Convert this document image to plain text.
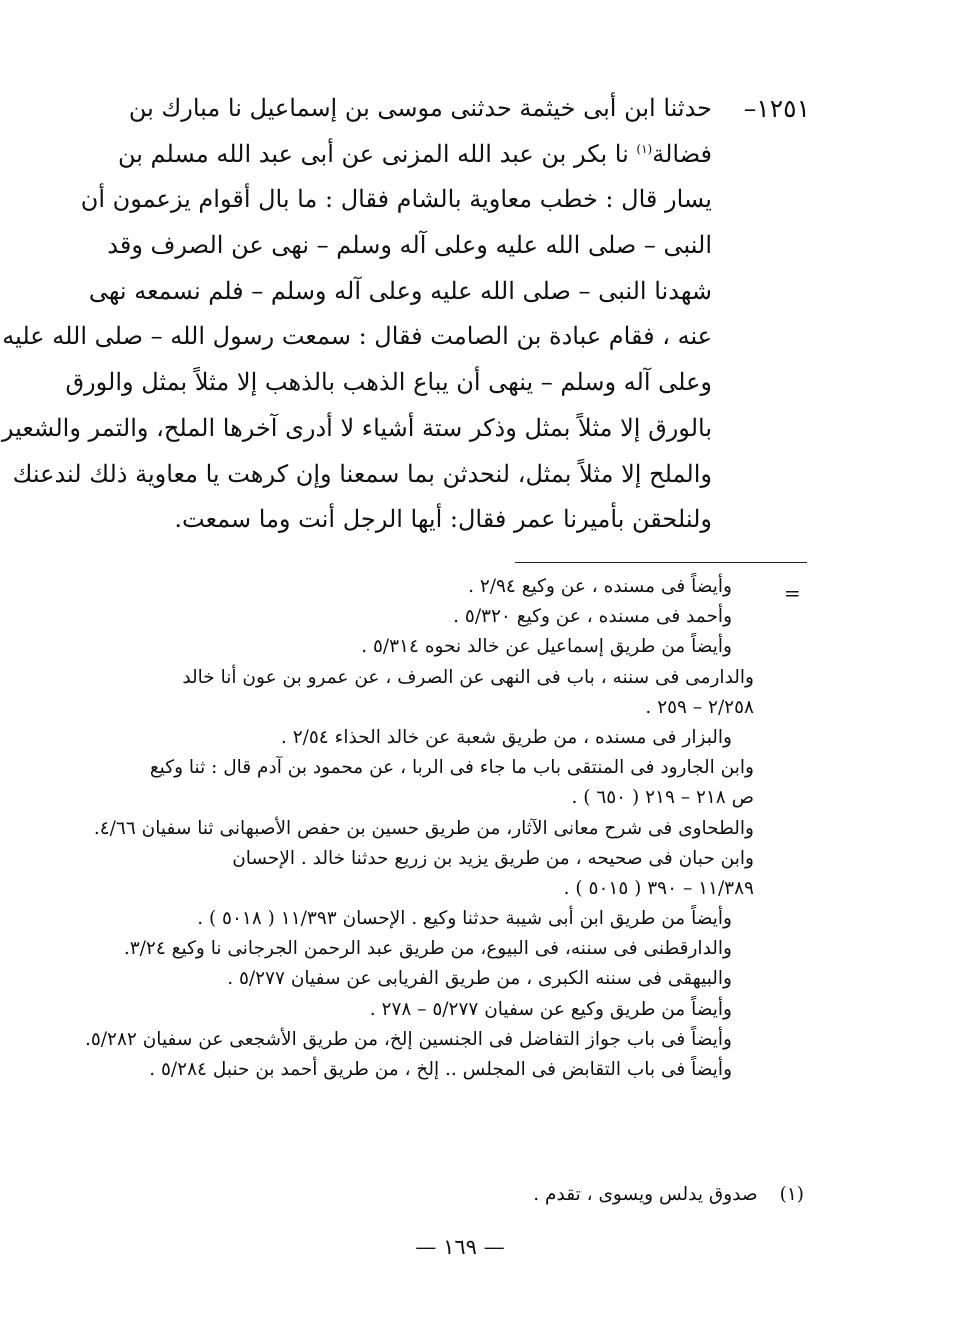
١٢٥١–
حدثنا ابن أبى خيثمة حدثنى موسى بن إسماعيل نا مبارك بن
فضالة$^{(١)}$ نا بكر بن عبد الله المزنى عن أبى عبد الله مسلم بن
يسار قال : خطب معاوية بالشام فقال : ما بال أقوام يزعمون أن
النبى – صلى الله عليه وعلى آله وسلم – نهى عن الصرف وقد
شهدنا النبى – صلى الله عليه وعلى آله وسلم – فلم نسمعه نهى
عنه ، فقام عبادة بن الصامت فقال : سمعت رسول الله – صلى الله عليه
وعلى آله وسلم – ينهى أن يباع الذهب بالذهب إلا مثلاً بمثل والورق
بالورق إلا مثلاً بمثل وذكر ستة أشياء لا أدرى آخرها الملح، والتمر والشعير
والملح إلا مثلاً بمثل، لنحدثن بما سمعنا وإن كرهت يا معاوية ذلك لندعنك
ولنلحقن بأميرنا عمر فقال: أيها الرجل أنت وما سمعت.
=
وأيضاً فى مسنده ، عن وكيع ٢/٩٤ .
وأحمد فى مسنده ، عن وكيع ٥/٣٢٠ .
وأيضاً من طريق إسماعيل عن خالد نحوه ٥/٣١٤ .
والدارمى فى سننه ، باب فى النهى عن الصرف ، عن عمرو بن عون أنا خالد
٢/٢٥٨ – ٢٥٩ .
والبزار فى مسنده ، من طريق شعبة عن خالد الحذاء ٢/٥٤ .
وابن الجارود فى المنتقى باب ما جاء فى الربا ، عن محمود بن آدم قال : ثنا وكيع
ص ٢١٨ – ٢١٩ ( ٦٥٠ ) .
والطحاوى فى شرح معانى الآثار، من طريق حسين بن حفص الأصبهانى ثنا سفيان ٤/٦٦.
وابن حبان فى صحيحه ، من طريق يزيد بن زريع حدثنا خالد . الإحسان
١١/٣٨٩ – ٣٩٠ ( ٥٠١٥ ) .
وأيضاً من طريق ابن أبى شيبة حدثنا وكيع . الإحسان ١١/٣٩٣ ( ٥٠١٨ ) .
والدارقطنى فى سننه، فى البيوع، من طريق عبد الرحمن الجرجانى نا وكيع ٣/٢٤.
والبيهقى فى سننه الكبرى ، من طريق الفريابى عن سفيان ٥/٢٧٧ .
وأيضاً من طريق وكيع عن سفيان ٥/٢٧٧ – ٢٧٨ .
وأيضاً فى باب جواز التفاضل فى الجنسين إلخ، من طريق الأشجعى عن سفيان ٥/٢٨٢.
وأيضاً فى باب التقابض فى المجلس .. إلخ ، من طريق أحمد بن حنبل ٥/٢٨٤ .
(١)صدوق يدلس ويسوى ، تقدم .
— ١٦٩ —
